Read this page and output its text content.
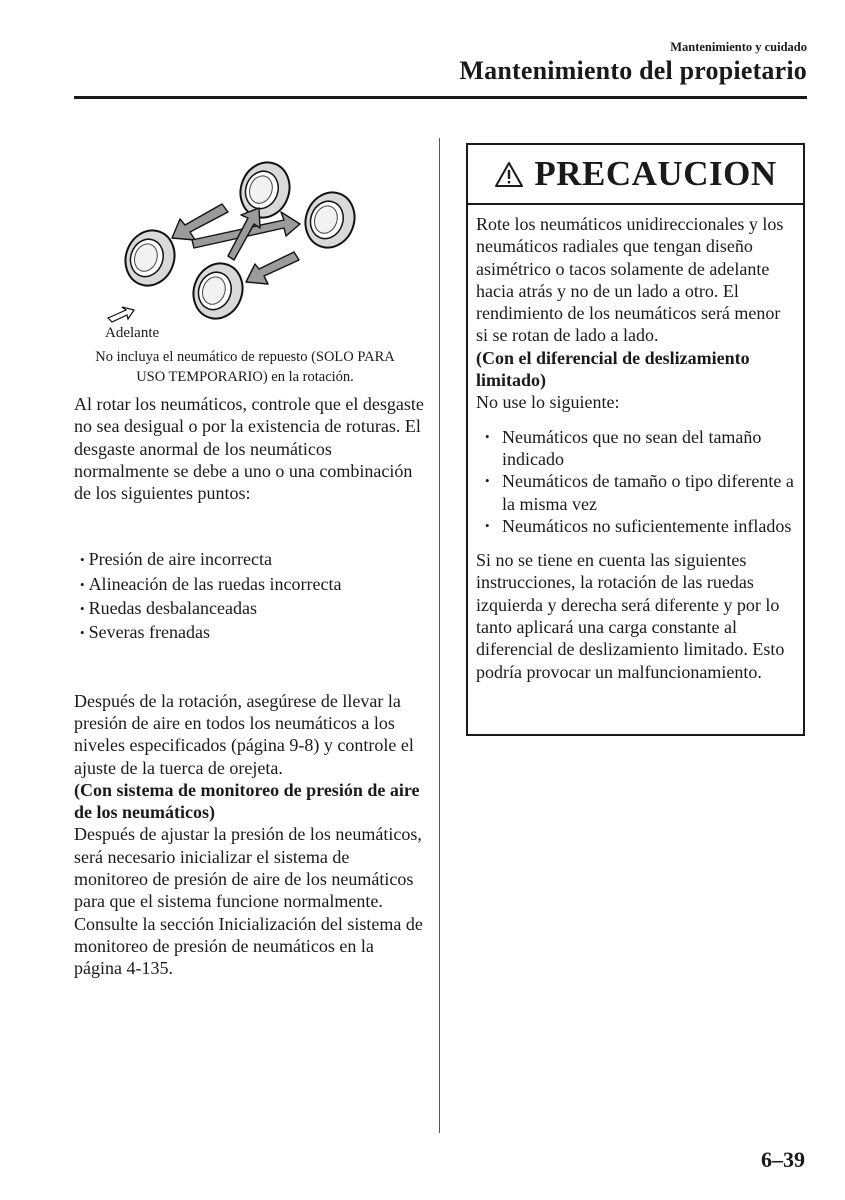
Mantenimiento y cuidado
Mantenimiento del propietario
Adelante
No incluya el neumático de repuesto (SOLO PARA USO TEMPORARIO) en la rotación.

Al rotar los neumáticos, controle que el desgaste no sea desigual o por la existencia de roturas. El desgaste anormal de los neumáticos normalmente se debe a uno o una combinación de los siguientes puntos:

• Presión de aire incorrecta
• Alineación de las ruedas incorrecta
• Ruedas desbalanceadas
• Severas frenadas

Después de la rotación, asegúrese de llevar la presión de aire en todos los neumáticos a los niveles especificados (página 9-8) y controle el ajuste de la tuerca de orejeta.

(Con sistema de monitoreo de presión de aire de los neumáticos)

Después de ajustar la presión de los neumáticos, será necesario inicializar el sistema de monitoreo de presión de aire de los neumáticos para que el sistema funcione normalmente.

Consulte la sección Inicialización del sistema de monitoreo de presión de neumáticos en la página 4-135.

PRECAUCION

Rote los neumáticos unidireccionales y los neumáticos radiales que tengan diseño asimétrico o tacos solamente de adelante hacia atrás y no de un lado a otro. El rendimiento de los neumáticos será menor si se rotan de lado a lado.

(Con el diferencial de deslizamiento limitado)

No use lo siguiente:

• Neumáticos que no sean del tamaño indicado
• Neumáticos de tamaño o tipo diferente a la misma vez
• Neumáticos no suficientemente inflados

Si no se tiene en cuenta las siguientes instrucciones, la rotación de las ruedas izquierda y derecha será diferente y por lo tanto aplicará una carga constante al diferencial de deslizamiento limitado. Esto podría provocar un malfuncionamiento.

6–39
